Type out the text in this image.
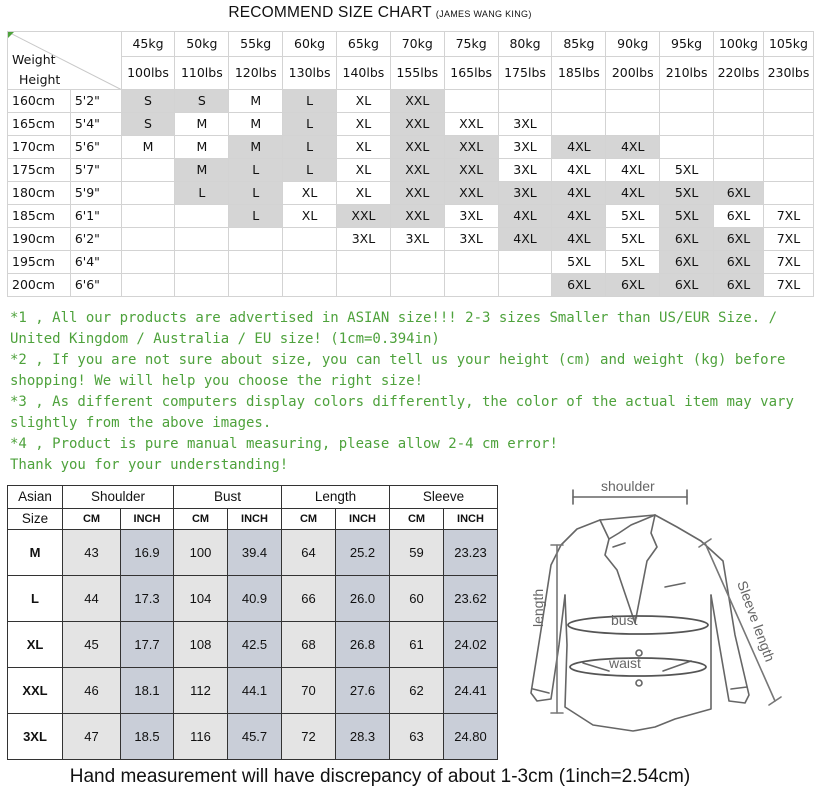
RECOMMEND SIZE CHART (JAMES WANG KING)
Weight
Height		45kg	50kg	55kg	60kg	65kg	70kg	75kg	80kg	85kg	90kg	95kg	100kg	105kg
		100lbs	110lbs	120lbs	130lbs	140lbs	155lbs	165lbs	175lbs	185lbs	200lbs	210lbs	220lbs	230lbs
160cm	5'2"	S	S	M	L	XL	XXL							
165cm	5'4"	S	M	M	L	XL	XXL	XXL	3XL					
170cm	5'6"	M	M	M	L	XL	XXL	XXL	3XL	4XL	4XL			
175cm	5'7"		M	L	L	XL	XXL	XXL	3XL	4XL	4XL	5XL		
180cm	5'9"		L	L	XL	XL	XXL	XXL	3XL	4XL	4XL	5XL	6XL	
185cm	6'1"			L	XL	XXL	XXL	3XL	4XL	4XL	5XL	5XL	6XL	7XL
190cm	6'2"					3XL	3XL	3XL	4XL	4XL	5XL	6XL	6XL	7XL
195cm	6'4"									5XL	5XL	6XL	6XL	7XL
200cm	6'6"									6XL	6XL	6XL	6XL	7XL

*1 , All our products are advertised in ASIAN size!!! 2-3 sizes Smaller than US/EUR Size. / United Kingdom / Australia / EU size! (1cm=0.394in)

*2 , If you are not sure about size, you can tell us your height (cm) and weight (kg) before shopping! We will help you choose the right size!

*3 , As different computers display colors differently, the color of the actual item may vary slightly from the above images.

*4 , Product is pure manual measuring, please allow 2-4 cm error!

Thank you for your understanding!

Asian	Shoulder		Bust		Length		Sleeve	
Size	CM	INCH	CM	INCH	CM	INCH	CM	INCH
M	43	16.9	100	39.4	64	25.2	59	23.23
L	44	17.3	104	40.9	66	26.0	60	23.62
XL	45	17.7	108	42.5	68	26.8	61	24.02
XXL	46	18.1	112	44.1	70	27.6	62	24.41
3XL	47	18.5	116	45.7	72	28.3	63	24.80
shoulder
bust
waist
length	Sleeve length
Hand measurement will have discrepancy of about 1-3cm (1inch=2.54cm)
